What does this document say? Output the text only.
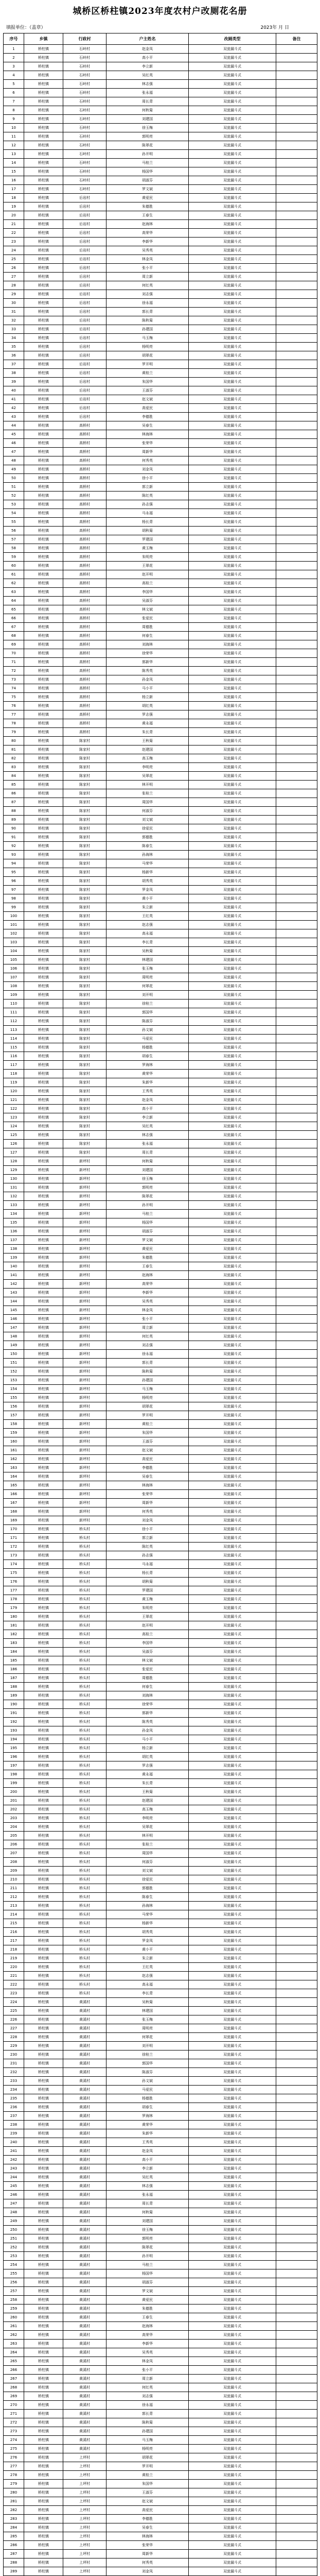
城桥区桥柱镇2023年度农村户改厕花名册
填报单位：（盖章）	2023年 月 日
序号	乡镇	行政村	户主姓名	改厕类型	备注
1	桥柱镇	石岭村	赵金凤	双瓮漏斗式	
2	桥柱镇	石岭村	高小平	双瓮漏斗式	
3	桥柱镇	石岭村	李立新	双瓮漏斗式	
4	桥柱镇	石岭村	吴红英	双瓮漏斗式	
5	桥柱镇	石岭村	林志强	双瓮漏斗式	
6	桥柱镇	石岭村	张永福	双瓮漏斗式	
7	桥柱镇	石岭村	周长青	双瓮漏斗式	
8	桥柱镇	石岭村	何秋菊	双瓮漏斗式	
9	桥柱镇	石岭村	刘建国	双瓮漏斗式	
10	桥柱镇	石岭村	徐玉梅	双瓮漏斗式	
11	桥柱镇	石岭村	郭明亮	双瓮漏斗式	
12	桥柱镇	石岭村	陈翠花	双瓮漏斗式	
13	桥柱镇	石岭村	孙开明	双瓮漏斗式	
14	桥柱镇	石岭村	马桂兰	双瓮漏斗式	
15	桥柱镇	石岭村	杨国华	双瓮漏斗式	
16	桥柱镇	石岭村	胡淑芬	双瓮漏斗式	
17	桥柱镇	石岭村	罗文斌	双瓮漏斗式	
18	桥柱镇	后岩村	黄爱民	双瓮漏斗式	
19	桥柱镇	后岩村	朱德胜	双瓮漏斗式	
20	桥柱镇	后岩村	王春生	双瓮漏斗式	
21	桥柱镇	后岩村	赵海林	双瓮漏斗式	
22	桥柱镇	后岩村	高荣华	双瓮漏斗式	
23	桥柱镇	后岩村	李新华	双瓮漏斗式	
24	桥柱镇	后岩村	吴秀英	双瓮漏斗式	
25	桥柱镇	后岩村	林金凤	双瓮漏斗式	
26	桥柱镇	后岩村	张小平	双瓮漏斗式	
27	桥柱镇	后岩村	周立新	双瓮漏斗式	
28	桥柱镇	后岩村	何红英	双瓮漏斗式	
29	桥柱镇	后岩村	刘志强	双瓮漏斗式	
30	桥柱镇	后岩村	徐永福	双瓮漏斗式	
31	桥柱镇	后岩村	郭长青	双瓮漏斗式	
32	桥柱镇	后岩村	陈秋菊	双瓮漏斗式	
33	桥柱镇	后岩村	孙建国	双瓮漏斗式	
34	桥柱镇	后岩村	马玉梅	双瓮漏斗式	
35	桥柱镇	后岩村	杨明亮	双瓮漏斗式	
36	桥柱镇	后岩村	胡翠花	双瓮漏斗式	
37	桥柱镇	后岩村	罗开明	双瓮漏斗式	
38	桥柱镇	后岩村	黄桂兰	双瓮漏斗式	
39	桥柱镇	后岩村	朱国华	双瓮漏斗式	
40	桥柱镇	后岩村	王淑芬	双瓮漏斗式	
41	桥柱镇	后岩村	赵文斌	双瓮漏斗式	
42	桥柱镇	后岩村	高爱民	双瓮漏斗式	
43	桥柱镇	后岩村	李德胜	双瓮漏斗式	
44	桥柱镇	高桥村	吴春生	双瓮漏斗式	
45	桥柱镇	高桥村	林海林	双瓮漏斗式	
46	桥柱镇	高桥村	张荣华	双瓮漏斗式	
47	桥柱镇	高桥村	周新华	双瓮漏斗式	
48	桥柱镇	高桥村	何秀英	双瓮漏斗式	
49	桥柱镇	高桥村	刘金凤	双瓮漏斗式	
50	桥柱镇	高桥村	徐小平	双瓮漏斗式	
51	桥柱镇	高桥村	郭立新	双瓮漏斗式	
52	桥柱镇	高桥村	陈红英	双瓮漏斗式	
53	桥柱镇	高桥村	孙志强	双瓮漏斗式	
54	桥柱镇	高桥村	马永福	双瓮漏斗式	
55	桥柱镇	高桥村	杨长青	双瓮漏斗式	
56	桥柱镇	高桥村	胡秋菊	双瓮漏斗式	
57	桥柱镇	高桥村	罗建国	双瓮漏斗式	
58	桥柱镇	高桥村	黄玉梅	双瓮漏斗式	
59	桥柱镇	高桥村	朱明亮	双瓮漏斗式	
60	桥柱镇	高桥村	王翠花	双瓮漏斗式	
61	桥柱镇	高桥村	赵开明	双瓮漏斗式	
62	桥柱镇	高桥村	高桂兰	双瓮漏斗式	
63	桥柱镇	高桥村	李国华	双瓮漏斗式	
64	桥柱镇	高桥村	吴淑芬	双瓮漏斗式	
65	桥柱镇	高桥村	林文斌	双瓮漏斗式	
66	桥柱镇	高桥村	张爱民	双瓮漏斗式	
67	桥柱镇	高桥村	周德胜	双瓮漏斗式	
68	桥柱镇	高桥村	何春生	双瓮漏斗式	
69	桥柱镇	高桥村	刘海林	双瓮漏斗式	
70	桥柱镇	高桥村	徐荣华	双瓮漏斗式	
71	桥柱镇	高桥村	郭新华	双瓮漏斗式	
72	桥柱镇	高桥村	陈秀英	双瓮漏斗式	
73	桥柱镇	高桥村	孙金凤	双瓮漏斗式	
74	桥柱镇	高桥村	马小平	双瓮漏斗式	
75	桥柱镇	高桥村	杨立新	双瓮漏斗式	
76	桥柱镇	高桥村	胡红英	双瓮漏斗式	
77	桥柱镇	高桥村	罗志强	双瓮漏斗式	
78	桥柱镇	高桥村	黄永福	双瓮漏斗式	
79	桥柱镇	高桥村	朱长青	双瓮漏斗式	
80	桥柱镇	陈家村	王秋菊	双瓮漏斗式	
81	桥柱镇	陈家村	赵建国	双瓮漏斗式	
82	桥柱镇	陈家村	高玉梅	双瓮漏斗式	
83	桥柱镇	陈家村	李明亮	双瓮漏斗式	
84	桥柱镇	陈家村	吴翠花	双瓮漏斗式	
85	桥柱镇	陈家村	林开明	双瓮漏斗式	
86	桥柱镇	陈家村	张桂兰	双瓮漏斗式	
87	桥柱镇	陈家村	周国华	双瓮漏斗式	
88	桥柱镇	陈家村	何淑芬	双瓮漏斗式	
89	桥柱镇	陈家村	刘文斌	双瓮漏斗式	
90	桥柱镇	陈家村	徐爱民	双瓮漏斗式	
91	桥柱镇	陈家村	郭德胜	双瓮漏斗式	
92	桥柱镇	陈家村	陈春生	双瓮漏斗式	
93	桥柱镇	陈家村	孙海林	双瓮漏斗式	
94	桥柱镇	陈家村	马荣华	双瓮漏斗式	
95	桥柱镇	陈家村	杨新华	双瓮漏斗式	
96	桥柱镇	陈家村	胡秀英	双瓮漏斗式	
97	桥柱镇	陈家村	罗金凤	双瓮漏斗式	
98	桥柱镇	陈家村	黄小平	双瓮漏斗式	
99	桥柱镇	陈家村	朱立新	双瓮漏斗式	
100	桥柱镇	陈家村	王红英	双瓮漏斗式	
101	桥柱镇	陈家村	赵志强	双瓮漏斗式	
102	桥柱镇	陈家村	高永福	双瓮漏斗式	
103	桥柱镇	陈家村	李长青	双瓮漏斗式	
104	桥柱镇	陈家村	吴秋菊	双瓮漏斗式	
105	桥柱镇	陈家村	林建国	双瓮漏斗式	
106	桥柱镇	陈家村	张玉梅	双瓮漏斗式	
107	桥柱镇	陈家村	周明亮	双瓮漏斗式	
108	桥柱镇	陈家村	何翠花	双瓮漏斗式	
109	桥柱镇	陈家村	刘开明	双瓮漏斗式	
110	桥柱镇	陈家村	徐桂兰	双瓮漏斗式	
111	桥柱镇	陈家村	郭国华	双瓮漏斗式	
112	桥柱镇	陈家村	陈淑芬	双瓮漏斗式	
113	桥柱镇	陈家村	孙文斌	双瓮漏斗式	
114	桥柱镇	陈家村	马爱民	双瓮漏斗式	
115	桥柱镇	陈家村	杨德胜	双瓮漏斗式	
116	桥柱镇	陈家村	胡春生	双瓮漏斗式	
117	桥柱镇	陈家村	罗海林	双瓮漏斗式	
118	桥柱镇	陈家村	黄荣华	双瓮漏斗式	
119	桥柱镇	陈家村	朱新华	双瓮漏斗式	
120	桥柱镇	陈家村	王秀英	双瓮漏斗式	
121	桥柱镇	陈家村	赵金凤	双瓮漏斗式	
122	桥柱镇	陈家村	高小平	双瓮漏斗式	
123	桥柱镇	陈家村	李立新	双瓮漏斗式	
124	桥柱镇	陈家村	吴红英	双瓮漏斗式	
125	桥柱镇	陈家村	林志强	双瓮漏斗式	
126	桥柱镇	陈家村	张永福	双瓮漏斗式	
127	桥柱镇	陈家村	周长青	双瓮漏斗式	
128	桥柱镇	新坪村	何秋菊	双瓮漏斗式	
129	桥柱镇	新坪村	刘建国	双瓮漏斗式	
130	桥柱镇	新坪村	徐玉梅	双瓮漏斗式	
131	桥柱镇	新坪村	郭明亮	双瓮漏斗式	
132	桥柱镇	新坪村	陈翠花	双瓮漏斗式	
133	桥柱镇	新坪村	孙开明	双瓮漏斗式	
134	桥柱镇	新坪村	马桂兰	双瓮漏斗式	
135	桥柱镇	新坪村	杨国华	双瓮漏斗式	
136	桥柱镇	新坪村	胡淑芬	双瓮漏斗式	
137	桥柱镇	新坪村	罗文斌	双瓮漏斗式	
138	桥柱镇	新坪村	黄爱民	双瓮漏斗式	
139	桥柱镇	新坪村	朱德胜	双瓮漏斗式	
140	桥柱镇	新坪村	王春生	双瓮漏斗式	
141	桥柱镇	新坪村	赵海林	双瓮漏斗式	
142	桥柱镇	新坪村	高荣华	双瓮漏斗式	
143	桥柱镇	新坪村	李新华	双瓮漏斗式	
144	桥柱镇	新坪村	吴秀英	双瓮漏斗式	
145	桥柱镇	新坪村	林金凤	双瓮漏斗式	
146	桥柱镇	新坪村	张小平	双瓮漏斗式	
147	桥柱镇	新坪村	周立新	双瓮漏斗式	
148	桥柱镇	新坪村	何红英	双瓮漏斗式	
149	桥柱镇	新坪村	刘志强	双瓮漏斗式	
150	桥柱镇	新坪村	徐永福	双瓮漏斗式	
151	桥柱镇	新坪村	郭长青	双瓮漏斗式	
152	桥柱镇	新坪村	陈秋菊	双瓮漏斗式	
153	桥柱镇	新坪村	孙建国	双瓮漏斗式	
154	桥柱镇	新坪村	马玉梅	双瓮漏斗式	
155	桥柱镇	新坪村	杨明亮	双瓮漏斗式	
156	桥柱镇	新坪村	胡翠花	双瓮漏斗式	
157	桥柱镇	新坪村	罗开明	双瓮漏斗式	
158	桥柱镇	新坪村	黄桂兰	双瓮漏斗式	
159	桥柱镇	新坪村	朱国华	双瓮漏斗式	
160	桥柱镇	新坪村	王淑芬	双瓮漏斗式	
161	桥柱镇	新坪村	赵文斌	双瓮漏斗式	
162	桥柱镇	新坪村	高爱民	双瓮漏斗式	
163	桥柱镇	新坪村	李德胜	双瓮漏斗式	
164	桥柱镇	新坪村	吴春生	双瓮漏斗式	
165	桥柱镇	新坪村	林海林	双瓮漏斗式	
166	桥柱镇	新坪村	张荣华	双瓮漏斗式	
167	桥柱镇	新坪村	周新华	双瓮漏斗式	
168	桥柱镇	新坪村	何秀英	双瓮漏斗式	
169	桥柱镇	新坪村	刘金凤	双瓮漏斗式	
170	桥柱镇	桥头村	徐小平	双瓮漏斗式	
171	桥柱镇	桥头村	郭立新	双瓮漏斗式	
172	桥柱镇	桥头村	陈红英	双瓮漏斗式	
173	桥柱镇	桥头村	孙志强	双瓮漏斗式	
174	桥柱镇	桥头村	马永福	双瓮漏斗式	
175	桥柱镇	桥头村	杨长青	双瓮漏斗式	
176	桥柱镇	桥头村	胡秋菊	双瓮漏斗式	
177	桥柱镇	桥头村	罗建国	双瓮漏斗式	
178	桥柱镇	桥头村	黄玉梅	双瓮漏斗式	
179	桥柱镇	桥头村	朱明亮	双瓮漏斗式	
180	桥柱镇	桥头村	王翠花	双瓮漏斗式	
181	桥柱镇	桥头村	赵开明	双瓮漏斗式	
182	桥柱镇	桥头村	高桂兰	双瓮漏斗式	
183	桥柱镇	桥头村	李国华	双瓮漏斗式	
184	桥柱镇	桥头村	吴淑芬	双瓮漏斗式	
185	桥柱镇	桥头村	林文斌	双瓮漏斗式	
186	桥柱镇	桥头村	张爱民	双瓮漏斗式	
187	桥柱镇	桥头村	周德胜	双瓮漏斗式	
188	桥柱镇	桥头村	何春生	双瓮漏斗式	
189	桥柱镇	桥头村	刘海林	双瓮漏斗式	
190	桥柱镇	桥头村	徐荣华	双瓮漏斗式	
191	桥柱镇	桥头村	郭新华	双瓮漏斗式	
192	桥柱镇	桥头村	陈秀英	双瓮漏斗式	
193	桥柱镇	桥头村	孙金凤	双瓮漏斗式	
194	桥柱镇	桥头村	马小平	双瓮漏斗式	
195	桥柱镇	桥头村	杨立新	双瓮漏斗式	
196	桥柱镇	桥头村	胡红英	双瓮漏斗式	
197	桥柱镇	桥头村	罗志强	双瓮漏斗式	
198	桥柱镇	桥头村	黄永福	双瓮漏斗式	
199	桥柱镇	桥头村	朱长青	双瓮漏斗式	
200	桥柱镇	桥头村	王秋菊	双瓮漏斗式	
201	桥柱镇	桥头村	赵建国	双瓮漏斗式	
202	桥柱镇	桥头村	高玉梅	双瓮漏斗式	
203	桥柱镇	桥头村	李明亮	双瓮漏斗式	
204	桥柱镇	桥头村	吴翠花	双瓮漏斗式	
205	桥柱镇	桥头村	林开明	双瓮漏斗式	
206	桥柱镇	桥头村	张桂兰	双瓮漏斗式	
207	桥柱镇	桥头村	周国华	双瓮漏斗式	
208	桥柱镇	桥头村	何淑芬	双瓮漏斗式	
209	桥柱镇	桥头村	刘文斌	双瓮漏斗式	
210	桥柱镇	桥头村	徐爱民	双瓮漏斗式	
211	桥柱镇	桥头村	郭德胜	双瓮漏斗式	
212	桥柱镇	桥头村	陈春生	双瓮漏斗式	
213	桥柱镇	桥头村	孙海林	双瓮漏斗式	
214	桥柱镇	桥头村	马荣华	双瓮漏斗式	
215	桥柱镇	桥头村	杨新华	双瓮漏斗式	
216	桥柱镇	桥头村	胡秀英	双瓮漏斗式	
217	桥柱镇	桥头村	罗金凤	双瓮漏斗式	
218	桥柱镇	桥头村	黄小平	双瓮漏斗式	
219	桥柱镇	桥头村	朱立新	双瓮漏斗式	
220	桥柱镇	桥头村	王红英	双瓮漏斗式	
221	桥柱镇	桥头村	赵志强	双瓮漏斗式	
222	桥柱镇	桥头村	高永福	双瓮漏斗式	
223	桥柱镇	桥头村	李长青	双瓮漏斗式	
224	桥柱镇	黄溪村	吴秋菊	双瓮漏斗式	
225	桥柱镇	黄溪村	林建国	双瓮漏斗式	
226	桥柱镇	黄溪村	张玉梅	双瓮漏斗式	
227	桥柱镇	黄溪村	周明亮	双瓮漏斗式	
228	桥柱镇	黄溪村	何翠花	双瓮漏斗式	
229	桥柱镇	黄溪村	刘开明	双瓮漏斗式	
230	桥柱镇	黄溪村	徐桂兰	双瓮漏斗式	
231	桥柱镇	黄溪村	郭国华	双瓮漏斗式	
232	桥柱镇	黄溪村	陈淑芬	双瓮漏斗式	
233	桥柱镇	黄溪村	孙文斌	双瓮漏斗式	
234	桥柱镇	黄溪村	马爱民	双瓮漏斗式	
235	桥柱镇	黄溪村	杨德胜	双瓮漏斗式	
236	桥柱镇	黄溪村	胡春生	双瓮漏斗式	
237	桥柱镇	黄溪村	罗海林	双瓮漏斗式	
238	桥柱镇	黄溪村	黄荣华	双瓮漏斗式	
239	桥柱镇	黄溪村	朱新华	双瓮漏斗式	
240	桥柱镇	黄溪村	王秀英	双瓮漏斗式	
241	桥柱镇	黄溪村	赵金凤	双瓮漏斗式	
242	桥柱镇	黄溪村	高小平	双瓮漏斗式	
243	桥柱镇	黄溪村	李立新	双瓮漏斗式	
244	桥柱镇	黄溪村	吴红英	双瓮漏斗式	
245	桥柱镇	黄溪村	林志强	双瓮漏斗式	
246	桥柱镇	黄溪村	张永福	双瓮漏斗式	
247	桥柱镇	黄溪村	周长青	双瓮漏斗式	
248	桥柱镇	黄溪村	何秋菊	双瓮漏斗式	
249	桥柱镇	黄溪村	刘建国	双瓮漏斗式	
250	桥柱镇	黄溪村	徐玉梅	双瓮漏斗式	
251	桥柱镇	黄溪村	郭明亮	双瓮漏斗式	
252	桥柱镇	黄溪村	陈翠花	双瓮漏斗式	
253	桥柱镇	黄溪村	孙开明	双瓮漏斗式	
254	桥柱镇	黄溪村	马桂兰	双瓮漏斗式	
255	桥柱镇	黄溪村	杨国华	双瓮漏斗式	
256	桥柱镇	黄溪村	胡淑芬	双瓮漏斗式	
257	桥柱镇	黄溪村	罗文斌	双瓮漏斗式	
258	桥柱镇	黄溪村	黄爱民	双瓮漏斗式	
259	桥柱镇	黄溪村	朱德胜	双瓮漏斗式	
260	桥柱镇	黄溪村	王春生	双瓮漏斗式	
261	桥柱镇	黄溪村	赵海林	双瓮漏斗式	
262	桥柱镇	黄溪村	高荣华	双瓮漏斗式	
263	桥柱镇	黄溪村	李新华	双瓮漏斗式	
264	桥柱镇	黄溪村	吴秀英	双瓮漏斗式	
265	桥柱镇	黄溪村	林金凤	双瓮漏斗式	
266	桥柱镇	黄溪村	张小平	双瓮漏斗式	
267	桥柱镇	黄溪村	周立新	双瓮漏斗式	
268	桥柱镇	黄溪村	何红英	双瓮漏斗式	
269	桥柱镇	黄溪村	刘志强	双瓮漏斗式	
270	桥柱镇	黄溪村	徐永福	双瓮漏斗式	
271	桥柱镇	黄溪村	郭长青	双瓮漏斗式	
272	桥柱镇	黄溪村	陈秋菊	双瓮漏斗式	
273	桥柱镇	黄溪村	孙建国	双瓮漏斗式	
274	桥柱镇	黄溪村	马玉梅	双瓮漏斗式	
275	桥柱镇	黄溪村	杨明亮	双瓮漏斗式	
276	桥柱镇	上坪村	胡翠花	双瓮漏斗式	
277	桥柱镇	上坪村	罗开明	双瓮漏斗式	
278	桥柱镇	上坪村	黄桂兰	双瓮漏斗式	
279	桥柱镇	上坪村	朱国华	双瓮漏斗式	
280	桥柱镇	上坪村	王淑芬	双瓮漏斗式	
281	桥柱镇	上坪村	赵文斌	双瓮漏斗式	
282	桥柱镇	上坪村	高爱民	双瓮漏斗式	
283	桥柱镇	上坪村	李德胜	双瓮漏斗式	
284	桥柱镇	上坪村	吴春生	双瓮漏斗式	
285	桥柱镇	上坪村	林海林	双瓮漏斗式	
286	桥柱镇	上坪村	张荣华	双瓮漏斗式	
287	桥柱镇	上坪村	周新华	双瓮漏斗式	
288	桥柱镇	上坪村	何秀英	双瓮漏斗式	
289	桥柱镇	上坪村	刘金凤	双瓮漏斗式	
